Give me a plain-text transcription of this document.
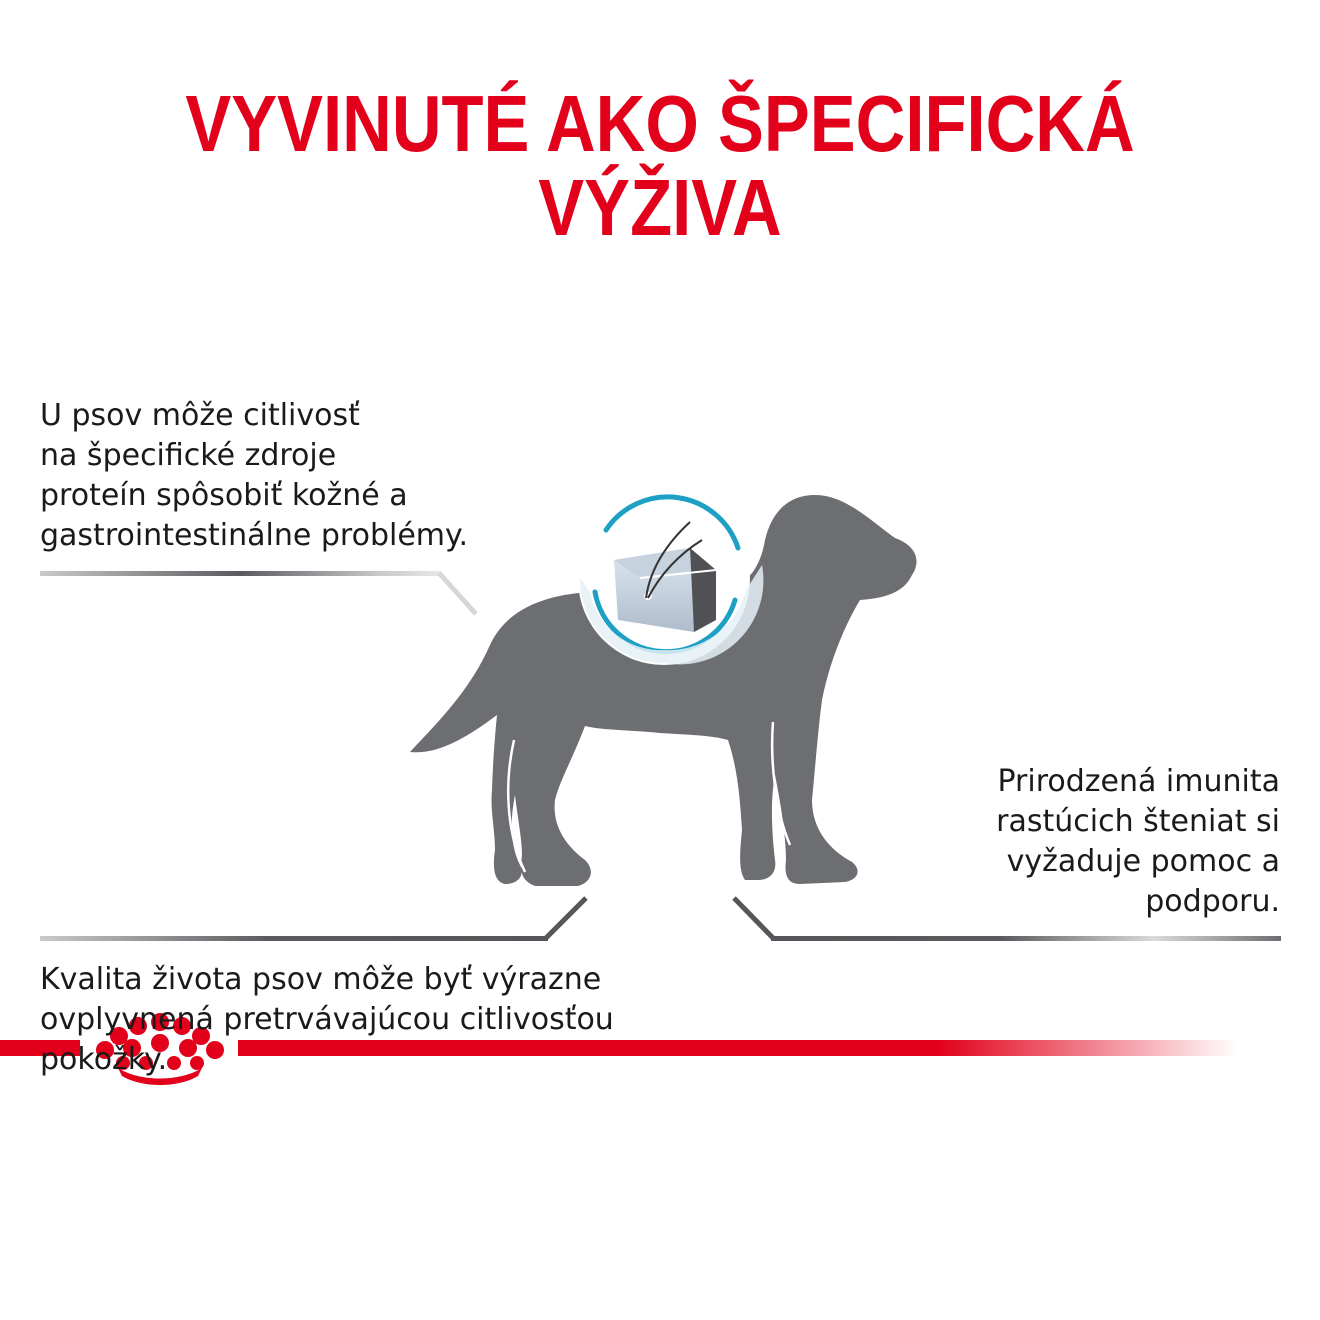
VYVINUTÉ AKO ŠPECIFICKÁ
VÝŽIVA
U psov môže citlivosť
na špecifické zdroje
proteín spôsobiť kožné a
gastrointestinálne problémy.
Prirodzená imunita
rastúcich šteniat si
vyžaduje pomoc a
podporu.
Kvalita života psov môže byť výrazne
ovplyvnená pretrvávajúcou citlivosťou
pokožky.
